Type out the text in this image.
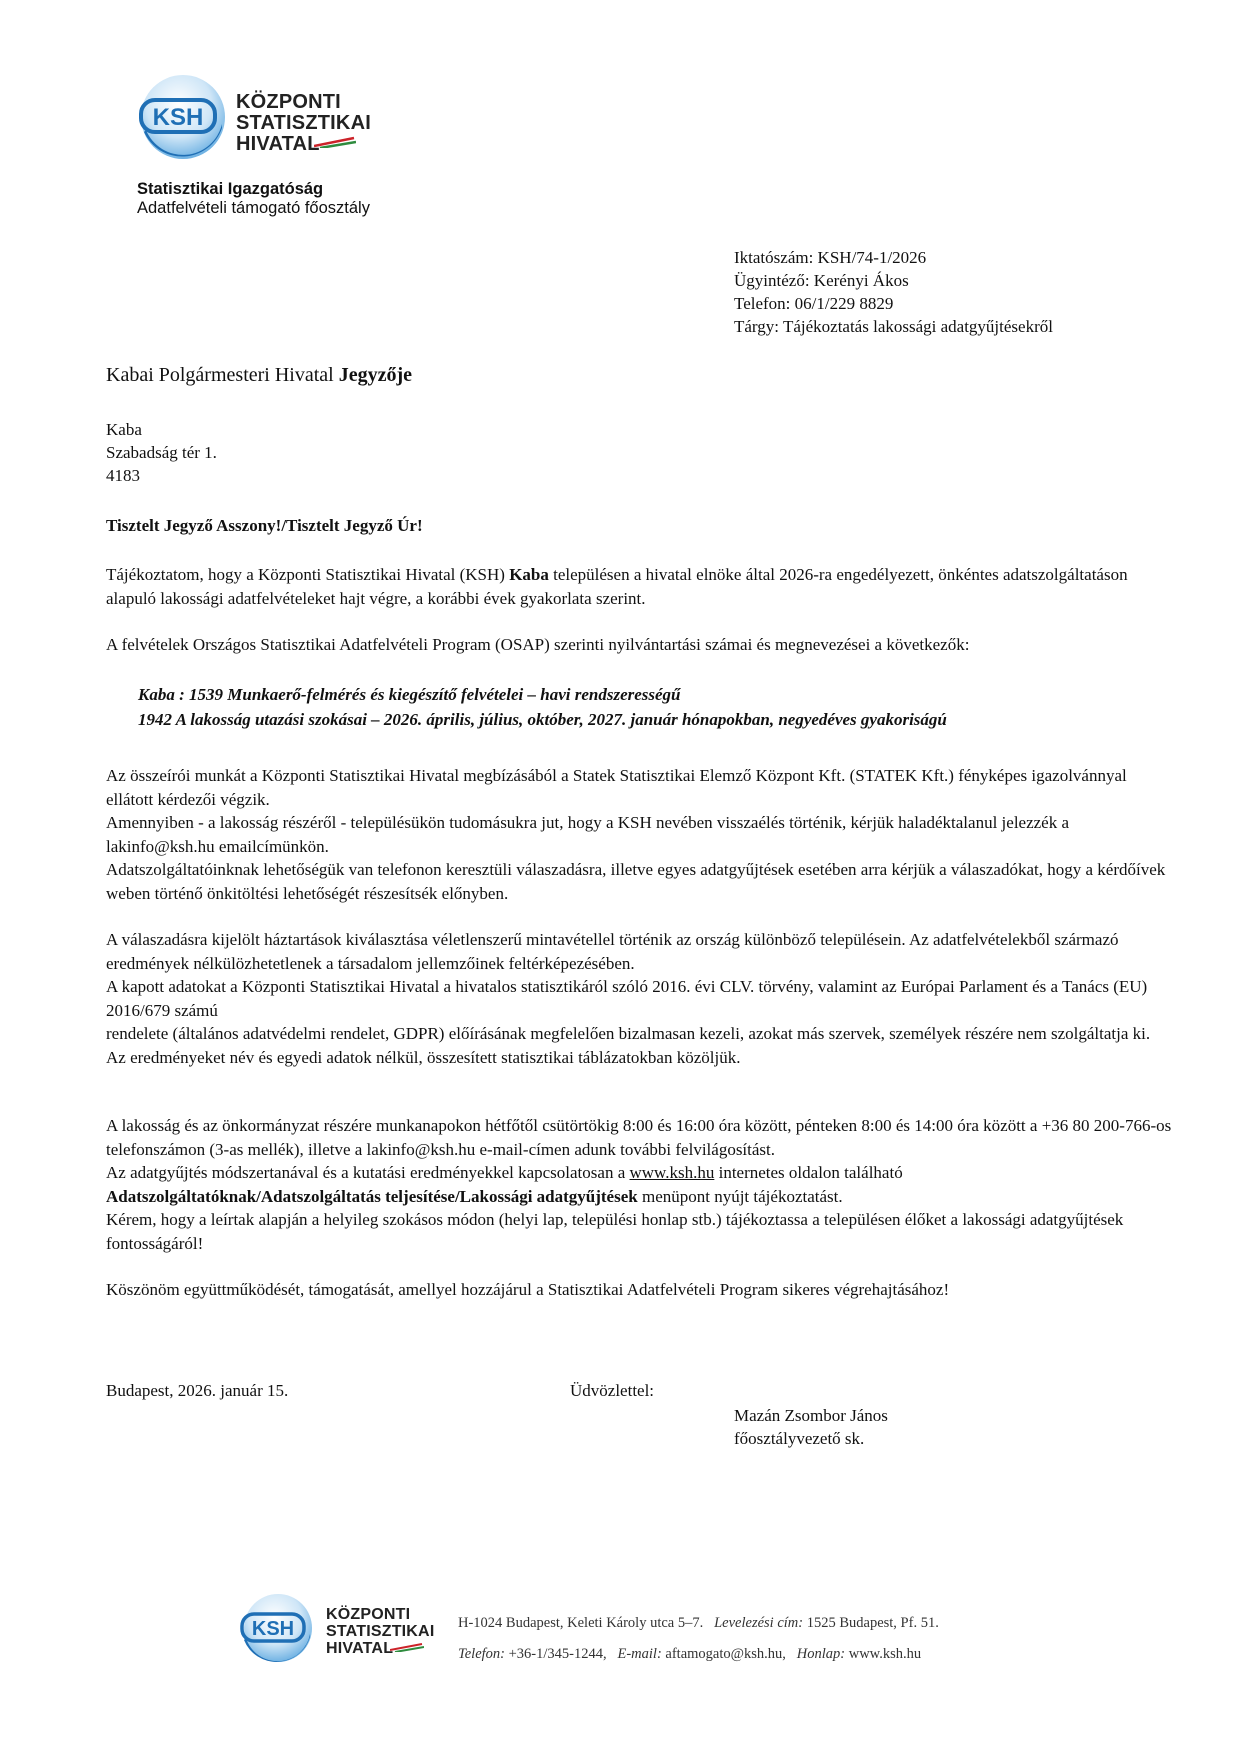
KSH
KÖZPONTI
STATISZTIKAI
HIVATAL
Statisztikai Igazgatóság
Adatfelvételi támogató főosztály
Iktatószám: KSH/74-1/2026
Ügyintéző: Kerényi Ákos
Telefon: 06/1/229 8829
Tárgy: Tájékoztatás lakossági adatgyűjtésekről
Kabai Polgármesteri Hivatal Jegyzője
Kaba
Szabadság tér 1.
4183
Tisztelt Jegyző Asszony!/Tisztelt Jegyző Úr!
Tájékoztatom, hogy a Központi Statisztikai Hivatal (KSH) Kaba településen a hivatal elnöke által 2026-ra engedélyezett, önkéntes adatszolgáltatáson alapuló lakossági adatfelvételeket hajt végre, a korábbi évek gyakorlata szerint.
A felvételek Országos Statisztikai Adatfelvételi Program (OSAP) szerinti nyilvántartási számai és megnevezései a következők:
Kaba : 1539 Munkaerő-felmérés és kiegészítő felvételei – havi rendszerességű
1942 A lakosság utazási szokásai – 2026. április, július, október, 2027. január hónapokban, negyedéves gyakoriságú

Az összeírói munkát a Központi Statisztikai Hivatal megbízásából a Statek Statisztikai Elemző Központ Kft. (STATEK Kft.) fényképes igazolvánnyal ellátott kérdezői végzik.

Amennyiben - a lakosság részéről - településükön tudomásukra jut, hogy a KSH nevében visszaélés történik, kérjük haladéktalanul jelezzék a lakinfo@ksh.hu emailcímünkön.

Adatszolgáltatóinknak lehetőségük van telefonon keresztüli válaszadásra, illetve egyes adatgyűjtések esetében arra kérjük a válaszadókat, hogy a kérdőívek weben történő önkitöltési lehetőségét részesítsék előnyben.

A válaszadásra kijelölt háztartások kiválasztása véletlenszerű mintavétellel történik az ország különböző településein. Az adatfelvételekből származó eredmények nélkülözhetetlenek a társadalom jellemzőinek feltérképezésében.

A kapott adatokat a Központi Statisztikai Hivatal a hivatalos statisztikáról szóló 2016. évi CLV. törvény, valamint az Európai Parlament és a Tanács (EU) 2016/679 számú

rendelete (általános adatvédelmi rendelet, GDPR) előírásának megfelelően bizalmasan kezeli, azokat más szervek, személyek részére nem szolgáltatja ki.

Az eredményeket név és egyedi adatok nélkül, összesített statisztikai táblázatokban közöljük.

A lakosság és az önkormányzat részére munkanapokon hétfőtől csütörtökig 8:00 és 16:00 óra között, pénteken 8:00 és 14:00 óra között a +36 80 200-766-os telefonszámon (3-as mellék), illetve a lakinfo@ksh.hu e-mail-címen adunk további felvilágosítást.

Az adatgyűjtés módszertanával és a kutatási eredményekkel kapcsolatosan a www.ksh.hu internetes oldalon található

Adatszolgáltatóknak/Adatszolgáltatás teljesítése/Lakossági adatgyűjtések menüpont nyújt tájékoztatást.

Kérem, hogy a leírtak alapján a helyileg szokásos módon (helyi lap, települési honlap stb.) tájékoztassa a településen élőket a lakossági adatgyűjtések fontosságáról!

Köszönöm együttműködését, támogatását, amellyel hozzájárul a Statisztikai Adatfelvételi Program sikeres végrehajtásához!
Budapest, 2026. január 15.	Üdvözlettel:
Mazán Zsombor János
főosztályvezető sk.
KSH
KÖZPONTI
STATISZTIKAI
HIVATAL
H-1024 Budapest, Keleti Károly utca 5–7. Levelezési cím: 1525 Budapest, Pf. 51.
Telefon: +36-1/345-1244, E-mail: aftamogato@ksh.hu, Honlap: www.ksh.hu
